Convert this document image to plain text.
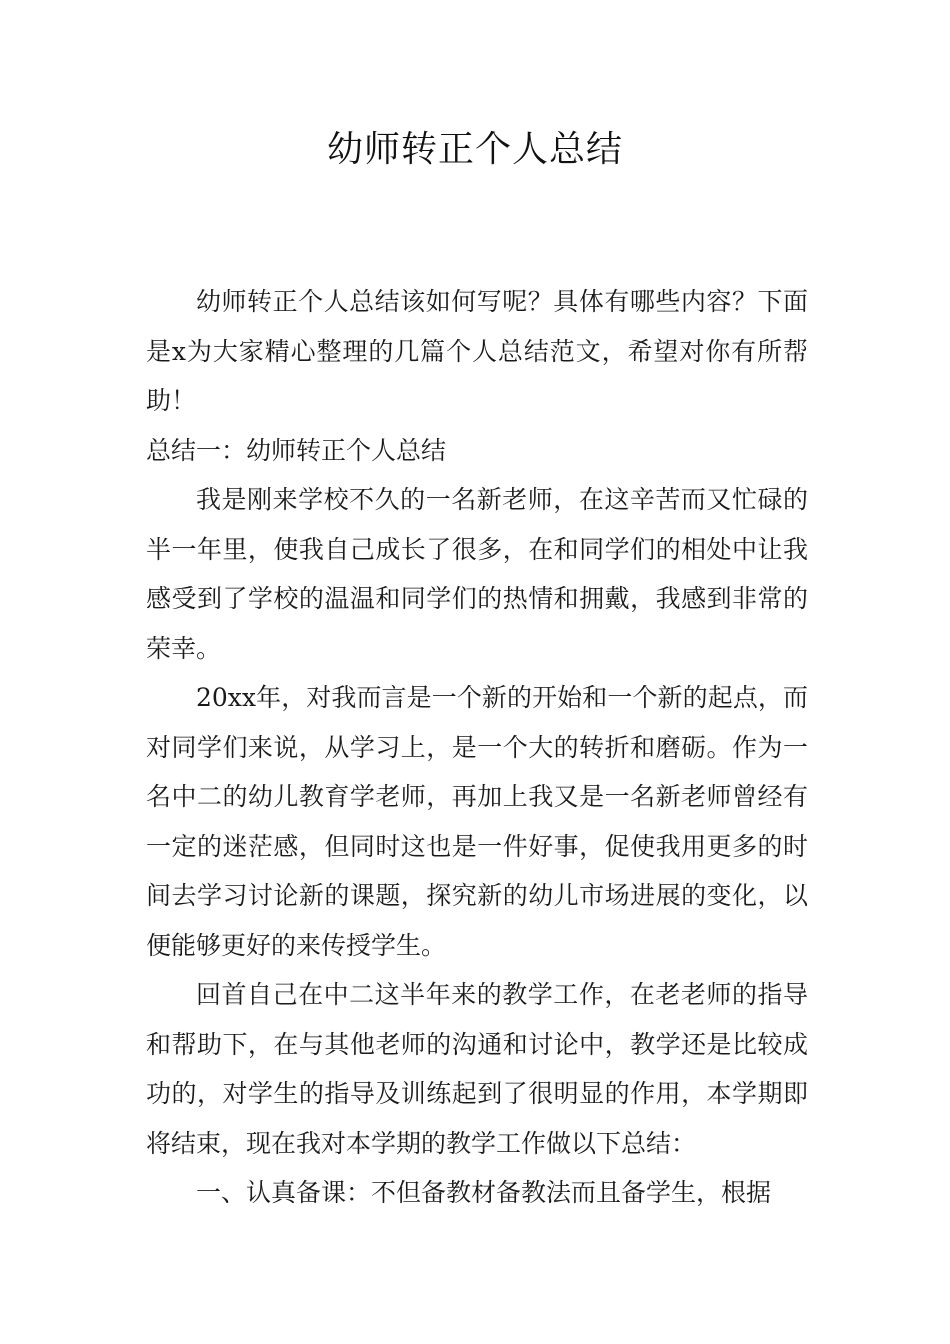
幼师转正个人总结

幼师转正个人总结该如何写呢？具体有哪些内容？下面是x为大家精心整理的几篇个人总结范文，希望对你有所帮助！

总结一：幼师转正个人总结

我是刚来学校不久的一名新老师，在这辛苦而又忙碌的半一年里，使我自己成长了很多，在和同学们的相处中让我感受到了学校的温温和同学们的热情和拥戴，我感到非常的荣幸。

20xx年，对我而言是一个新的开始和一个新的起点，而对同学们来说，从学习上，是一个大的转折和磨砺。作为一名中二的幼儿教育学老师，再加上我又是一名新老师曾经有一定的迷茫感，但同时这也是一件好事，促使我用更多的时间去学习讨论新的课题，探究新的幼儿市场进展的变化，以便能够更好的来传授学生。

回首自己在中二这半年来的教学工作，在老老师的指导和帮助下，在与其他老师的沟通和讨论中，教学还是比较成功的，对学生的指导及训练起到了很明显的作用，本学期即将结束，现在我对本学期的教学工作做以下总结：

一、认真备课：不但备教材备教法而且备学生，根据
